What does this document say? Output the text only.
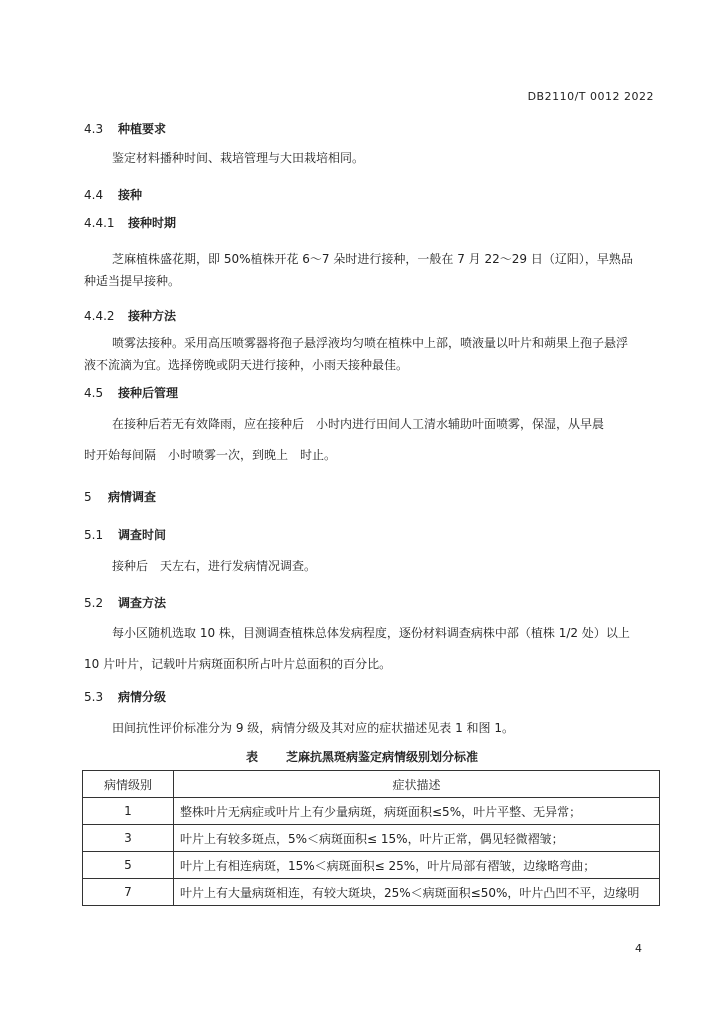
DB2110/T 0012 2022
4.3 种植要求
鉴定材料播种时间、栽培管理与大田栽培相同。
4.4 接种
4.4.1 接种时期
芝麻植株盛花期，即 50%植株开花 6～7 朵时进行接种，一般在 7 月 22～29 日（辽阳），早熟品
种适当提早接种。
4.4.2 接种方法
喷雾法接种。采用高压喷雾器将孢子悬浮液均匀喷在植株中上部，喷液量以叶片和蒴果上孢子悬浮
液不流滴为宜。选择傍晚或阴天进行接种，小雨天接种最佳。
4.5 接种后管理
在接种后若无有效降雨，应在接种后　小时内进行田间人工清水辅助叶面喷雾，保湿，从早晨
时开始每间隔　小时喷雾一次，到晚上　时止。
5 病情调查
5.1 调查时间
接种后　天左右，进行发病情况调查。
5.2 调查方法
每小区随机选取 10 株，目测调查植株总体发病程度，逐份材料调查病株中部（植株 1/2 处）以上
10 片叶片，记载叶片病斑面积所占叶片总面积的百分比。
5.3 病情分级
田间抗性评价标准分为 9 级，病情分级及其对应的症状描述见表 1 和图 1。
表 芝麻抗黑斑病鉴定病情级别划分标准
病情级别	症状描述
1	整株叶片无病症或叶片上有少量病斑，病斑面积≤5%，叶片平整、无异常；
3	叶片上有较多斑点，5%＜病斑面积≤ 15%，叶片正常，偶见轻微褶皱；
5	叶片上有相连病斑，15%＜病斑面积≤ 25%，叶片局部有褶皱，边缘略弯曲；
7	叶片上有大量病斑相连，有较大斑块，25%＜病斑面积≤50%，叶片凸凹不平，边缘明
4
